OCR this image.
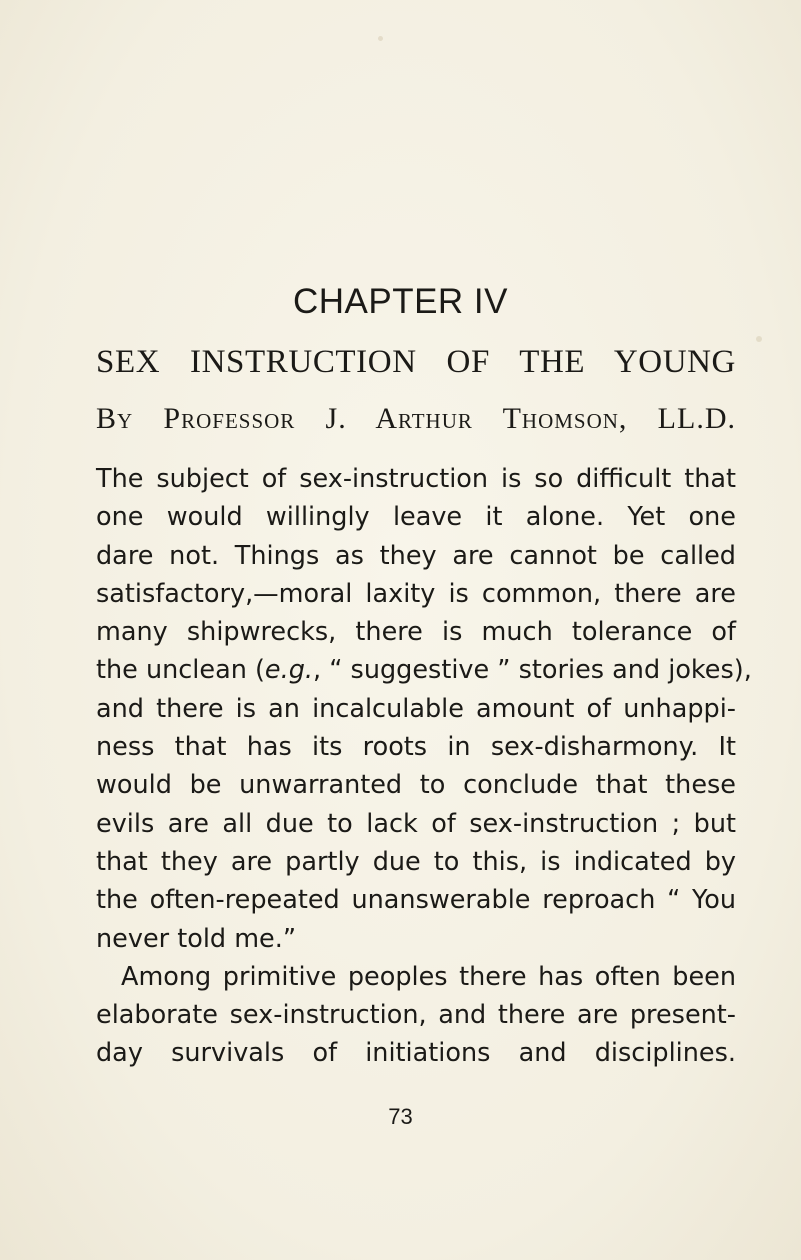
CHAPTER IV
SEX INSTRUCTION OF THE YOUNG
By Professor J. Arthur Thomson, LL.D.
The subject of sex-instruction is so difficult that
one would willingly leave it alone. Yet one
dare not. Things as they are cannot be called
satisfactory,—moral laxity is common, there are
many shipwrecks, there is much tolerance of
the unclean (e.g., “ suggestive ” stories and jokes),
and there is an incalculable amount of unhappi-
ness that has its roots in sex-disharmony. It
would be unwarranted to conclude that these
evils are all due to lack of sex-instruction ; but
that they are partly due to this, is indicated by
the often-repeated unanswerable reproach “ You
never told me.”
Among primitive peoples there has often been
elaborate sex-instruction, and there are present-
day survivals of initiations and disciplines.
73
